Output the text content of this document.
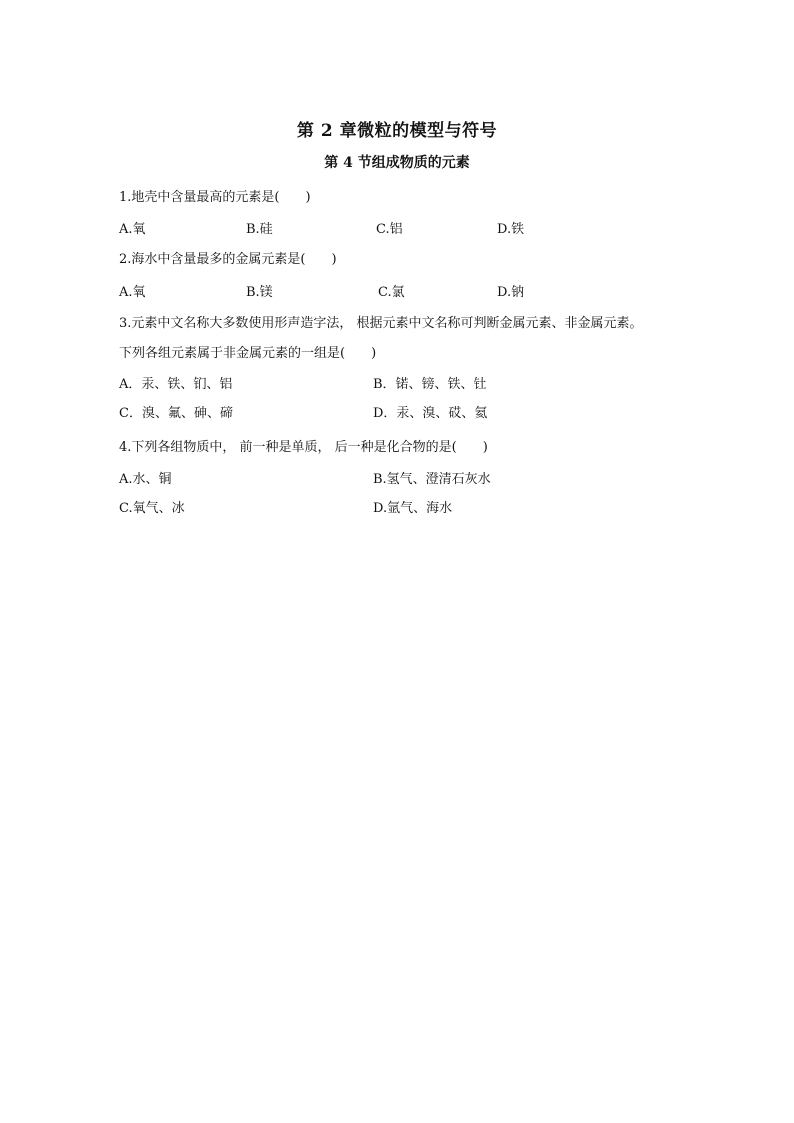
第 2 章微粒的模型与符号
第 4 节组成物质的元素
1.地壳中含量最高的元素是(　　)
A.氧	B.硅	C.铝	D.铁
2.海水中含量最多的金属元素是(　　)
A.氧	B.镁	C.氯	D.钠
3.元素中文名称大多数使用形声造字法， 根据元素中文名称可判断金属元素、非金属元素。
下列各组元素属于非金属元素的一组是(　　)
A．汞、铁、钔、铝	B．锘、镑、铁、钍
C．溴、氟、砷、碲	D．汞、溴、砹、氦
4.下列各组物质中， 前一种是单质， 后一种是化合物的是(　　)
A.水、铜	B.氢气、澄清石灰水
C.氧气、冰	D.氩气、海水
